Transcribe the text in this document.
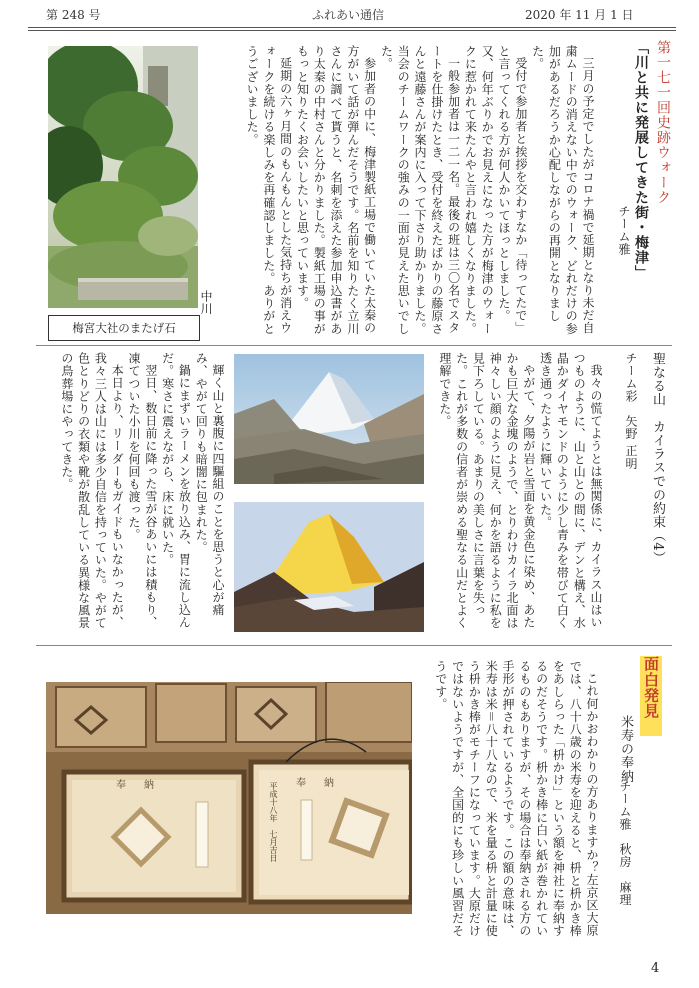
第 248 号	ふれあい通信	2020 年 11 月 1 日
第一七一回史跡ウォーク
「川と共に発展してきた街・梅津」
チーム雅

三月の予定でしたがコロナ禍で延期となり未だ自粛ムードの消えない中でのウォーク、どれだけの参加があるだろうか心配しながらの再開となりました。

受付で参加者と挨拶を交わすなか「待ってたで」と言ってくれる方が何人かいてほっとしました。又、何年ぶりかでお見えになった方が梅津のウォークに惹かれて来たんやと言われ嬉しくなりました。

一般参加者は一二一名。最後の班は三〇名でスタートを仕掛けたとき、受付を終えたばかりの藤原さんと遠藤さんが案内に入って下さり助かりました。当会のチームワークの強みの一面が見えた思いでした。

参加者の中に、梅津製紙工場で働いていた太秦の方がいて話が弾んだそうです。名前を知りたく立川さんに調べて貰うと、名刺を添えた参加申込書があり太秦の中村さんと分かりました。製紙工場の事がもっと知りたくお会いしたいと思っています。

延期の六ヶ月間のもんもんとした気持ちが消えウォークを続ける楽しみを再確認しました。ありがとうございました。

中川
梅宮大社のまたげ石
聖なる山　カイラスでの約束（4）
チーム彩　矢野 正明

我々の慌てようとは無関係に、カイラス山はいつものように、山と山との間に、デンと構え、水晶かダイヤモンドのように少し青みを帯びて白く透き通ったように輝いていた。

やがて、夕陽が岩と雪面を黄金色に染め、あたかも巨大な金塊のようで、とりわけカイラ北面は神々しい顔のように見え、何かを語るように私を見下ろしている。あまりの美しさに言葉を失った。これが多数の信者が崇める聖なる山だとよく理解できた。

輝く山と裏腹に四驅組のことを思うと心が痛み、やがて回りも暗闇に包まれた。

鍋にまずいラーメンを放り込み、胃に流し込んだ。寒さに震えながら、床に就いた。

翌日、数日前に降った雪が谷あいには積もり、凍てついた小川を何回も渡った。

本日より、リーダーもガイドもいなかったが、我々三人は山には多少自信を持っていた。やがて色とりどりの衣類や靴が散乱している異様な風景の鳥葬場にやってきた。

面白発見
米寿の奉納
チーム雅　秋房　麻理

これ何かおわかりの方ありますか？左京区大原では、八十八歳の米寿を迎えると、枡と枡かき棒をあしらった「枡かけ」という額を神社に奉納するのだそうです。枡かき棒に白い紙が巻かれているものもありますが、その場合は奉納される方の手形が押されているようです。この額の意味は、米寿は米＝八十八なので、米を量る枡と計量に使う枡かき棒がモチーフになっています。大原だけではないようですが、全国的にも珍しい風習だそうです。

奉納	奉納
平成十八年　七月吉日
4
